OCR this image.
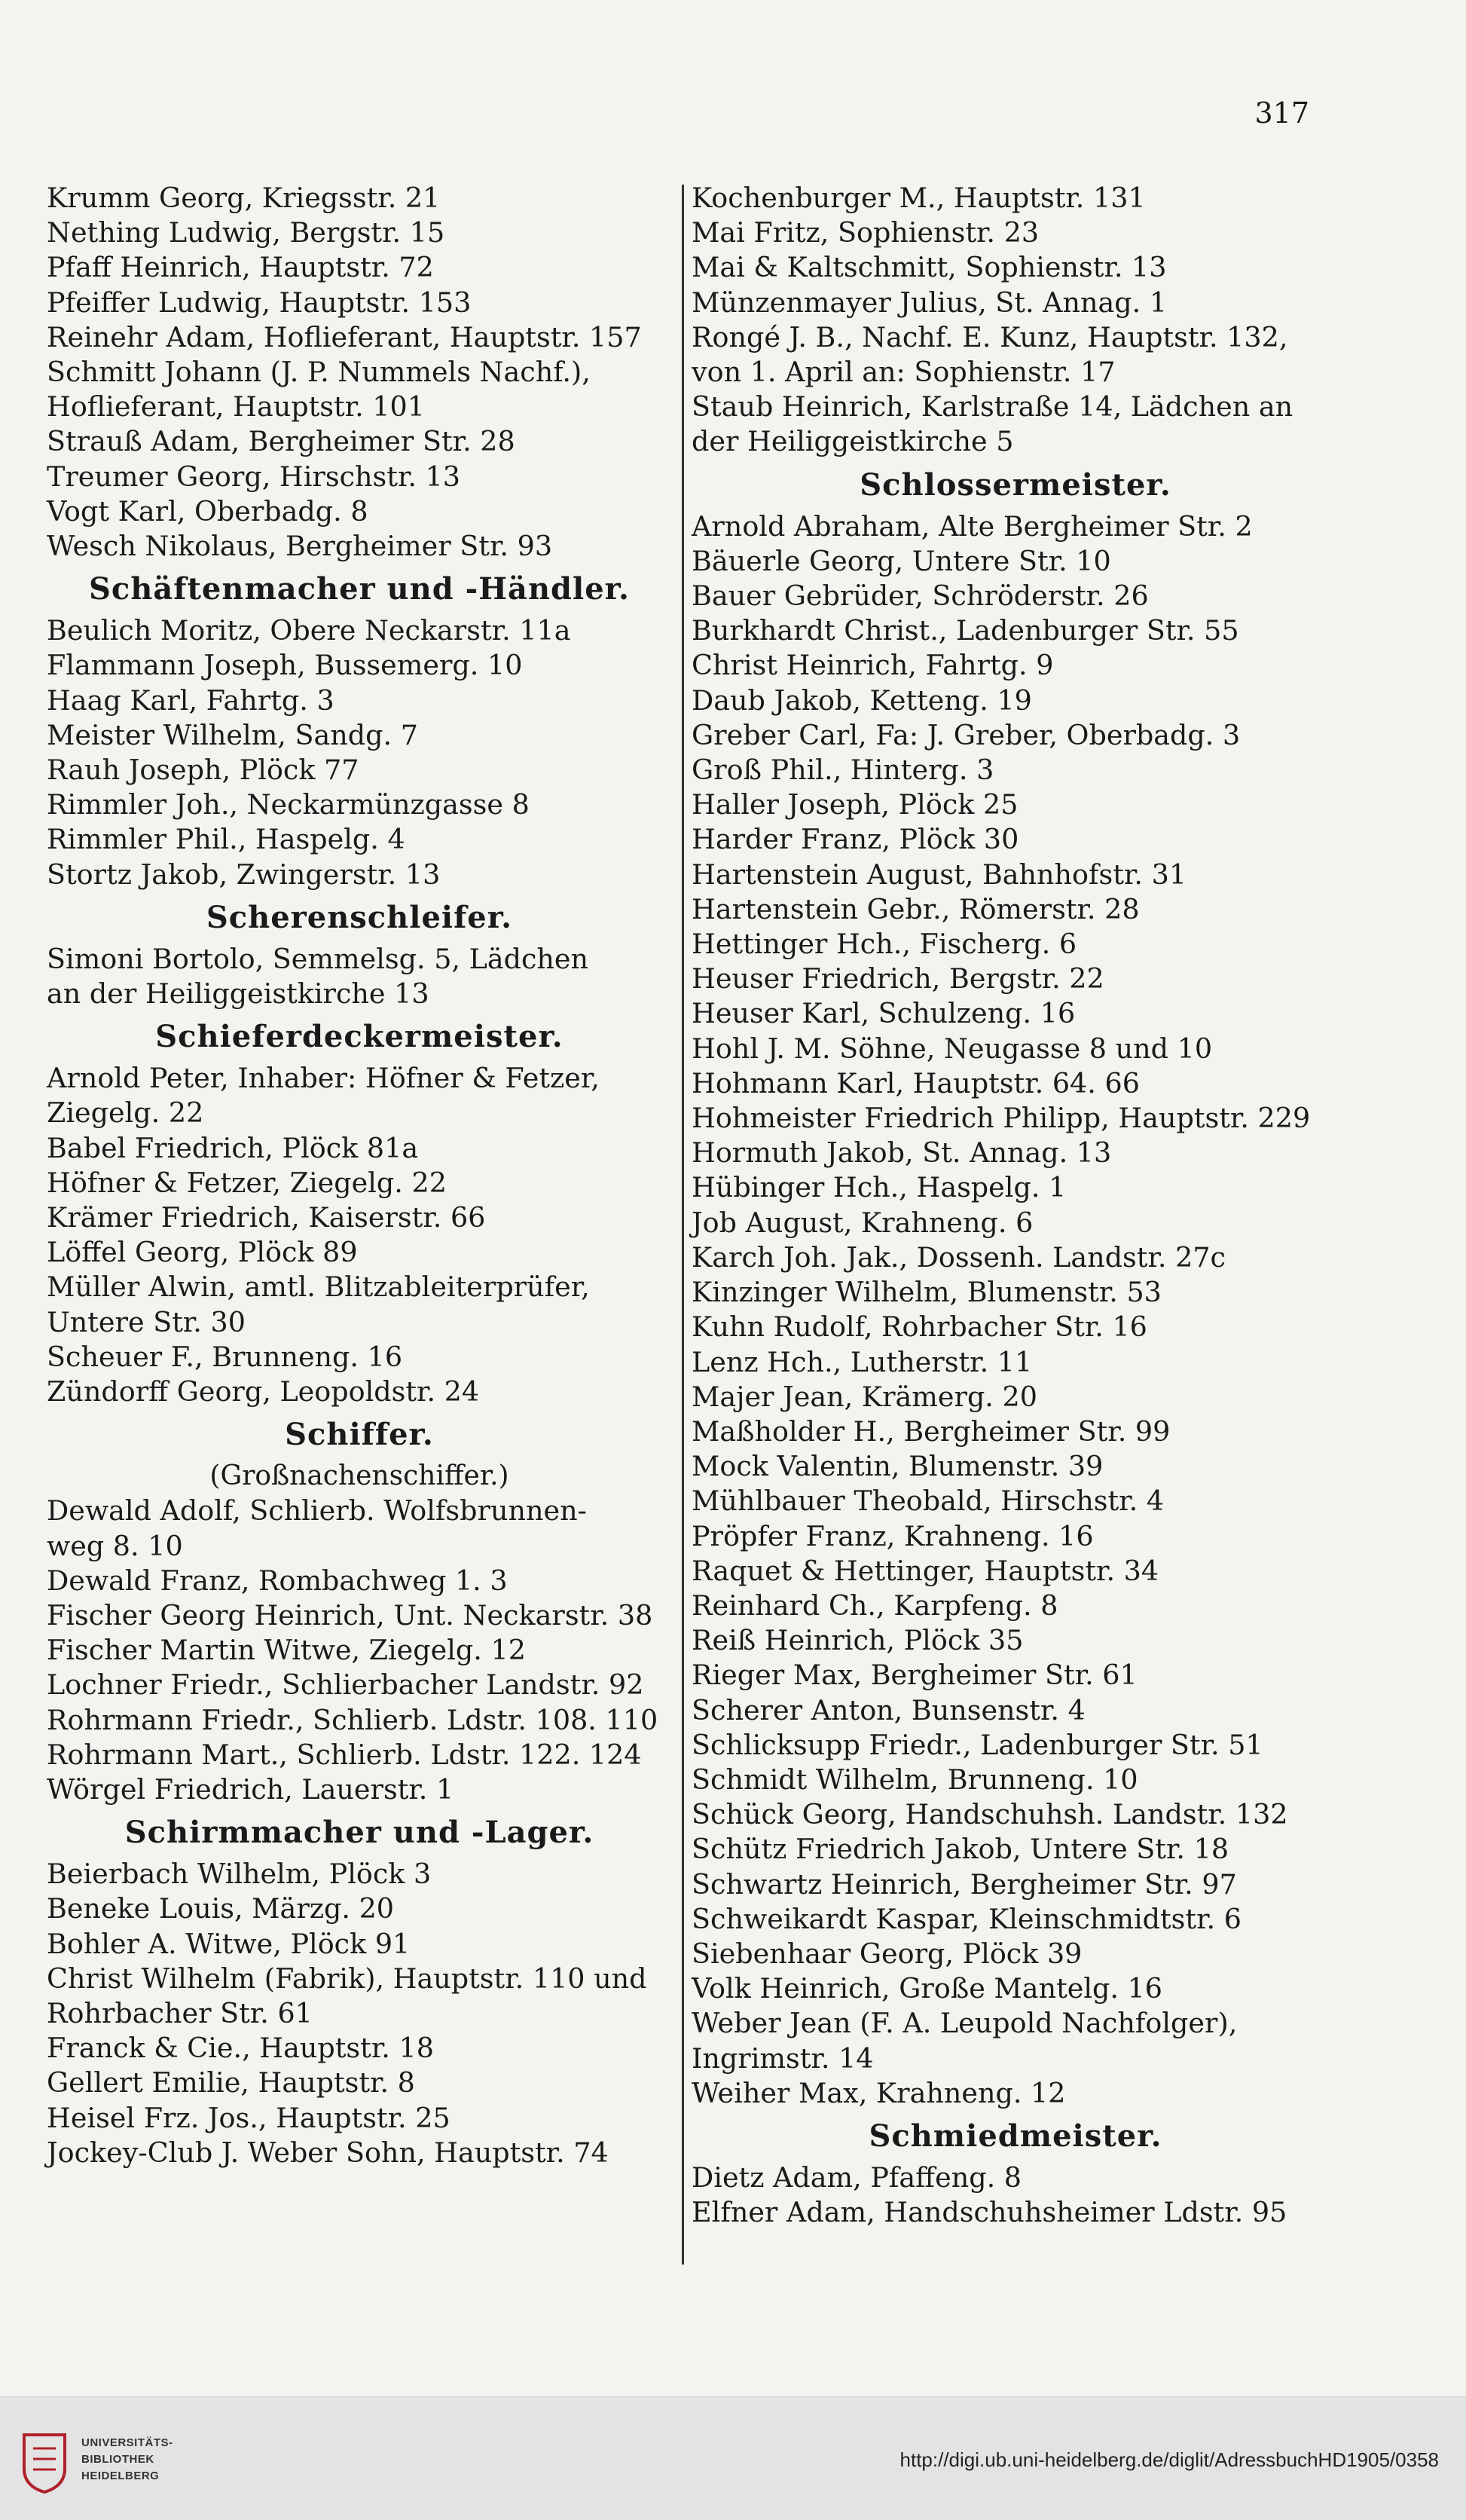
317
Krumm Georg, Kriegsstr. 21
Nething Ludwig, Bergstr. 15
Pfaff Heinrich, Hauptstr. 72
Pfeiffer Ludwig, Hauptstr. 153
Reinehr Adam, Hoflieferant, Hauptstr. 157
Schmitt Johann (J. P. Nummels Nachf.),
Hoflieferant, Hauptstr. 101
Strauß Adam, Bergheimer Str. 28
Treumer Georg, Hirschstr. 13
Vogt Karl, Oberbadg. 8
Wesch Nikolaus, Bergheimer Str. 93
Schäftenmacher und -Händler.
Beulich Moritz, Obere Neckarstr. 11a
Flammann Joseph, Bussemerg. 10
Haag Karl, Fahrtg. 3
Meister Wilhelm, Sandg. 7
Rauh Joseph, Plöck 77
Rimmler Joh., Neckarmünzgasse 8
Rimmler Phil., Haspelg. 4
Stortz Jakob, Zwingerstr. 13
Scherenschleifer.
Simoni Bortolo, Semmelsg. 5, Lädchen
an der Heiliggeistkirche 13
Schieferdeckermeister.
Arnold Peter, Inhaber: Höfner & Fetzer,
Ziegelg. 22
Babel Friedrich, Plöck 81a
Höfner & Fetzer, Ziegelg. 22
Krämer Friedrich, Kaiserstr. 66
Löffel Georg, Plöck 89
Müller Alwin, amtl. Blitzableiterprüfer,
Untere Str. 30
Scheuer F., Brunneng. 16
Zündorff Georg, Leopoldstr. 24
Schiffer.
(Großnachenschiffer.)
Dewald Adolf, Schlierb. Wolfsbrunnen-
weg 8. 10
Dewald Franz, Rombachweg 1. 3
Fischer Georg Heinrich, Unt. Neckarstr. 38
Fischer Martin Witwe, Ziegelg. 12
Lochner Friedr., Schlierbacher Landstr. 92
Rohrmann Friedr., Schlierb. Ldstr. 108. 110
Rohrmann Mart., Schlierb. Ldstr. 122. 124
Wörgel Friedrich, Lauerstr. 1
Schirmmacher und -Lager.
Beierbach Wilhelm, Plöck 3
Beneke Louis, Märzg. 20
Bohler A. Witwe, Plöck 91
Christ Wilhelm (Fabrik), Hauptstr. 110 und
Rohrbacher Str. 61
Franck & Cie., Hauptstr. 18
Gellert Emilie, Hauptstr. 8
Heisel Frz. Jos., Hauptstr. 25
Jockey-Club J. Weber Sohn, Hauptstr. 74
Kochenburger M., Hauptstr. 131
Mai Fritz, Sophienstr. 23
Mai & Kaltschmitt, Sophienstr. 13
Münzenmayer Julius, St. Annag. 1
Rongé J. B., Nachf. E. Kunz, Hauptstr. 132,
von 1. April an: Sophienstr. 17
Staub Heinrich, Karlstraße 14, Lädchen an
der Heiliggeistkirche 5
Schlossermeister.
Arnold Abraham, Alte Bergheimer Str. 2
Bäuerle Georg, Untere Str. 10
Bauer Gebrüder, Schröderstr. 26
Burkhardt Christ., Ladenburger Str. 55
Christ Heinrich, Fahrtg. 9
Daub Jakob, Ketteng. 19
Greber Carl, Fa: J. Greber, Oberbadg. 3
Groß Phil., Hinterg. 3
Haller Joseph, Plöck 25
Harder Franz, Plöck 30
Hartenstein August, Bahnhofstr. 31
Hartenstein Gebr., Römerstr. 28
Hettinger Hch., Fischerg. 6
Heuser Friedrich, Bergstr. 22
Heuser Karl, Schulzeng. 16
Hohl J. M. Söhne, Neugasse 8 und 10
Hohmann Karl, Hauptstr. 64. 66
Hohmeister Friedrich Philipp, Hauptstr. 229
Hormuth Jakob, St. Annag. 13
Hübinger Hch., Haspelg. 1
Job August, Krahneng. 6
Karch Joh. Jak., Dossenh. Landstr. 27c
Kinzinger Wilhelm, Blumenstr. 53
Kuhn Rudolf, Rohrbacher Str. 16
Lenz Hch., Lutherstr. 11
Majer Jean, Krämerg. 20
Maßholder H., Bergheimer Str. 99
Mock Valentin, Blumenstr. 39
Mühlbauer Theobald, Hirschstr. 4
Pröpfer Franz, Krahneng. 16
Raquet & Hettinger, Hauptstr. 34
Reinhard Ch., Karpfeng. 8
Reiß Heinrich, Plöck 35
Rieger Max, Bergheimer Str. 61
Scherer Anton, Bunsenstr. 4
Schlicksupp Friedr., Ladenburger Str. 51
Schmidt Wilhelm, Brunneng. 10
Schück Georg, Handschuhsh. Landstr. 132
Schütz Friedrich Jakob, Untere Str. 18
Schwartz Heinrich, Bergheimer Str. 97
Schweikardt Kaspar, Kleinschmidtstr. 6
Siebenhaar Georg, Plöck 39
Volk Heinrich, Große Mantelg. 16
Weber Jean (F. A. Leupold Nachfolger),
Ingrimstr. 14
Weiher Max, Krahneng. 12
Schmiedmeister.
Dietz Adam, Pfaffeng. 8
Elfner Adam, Handschuhsheimer Ldstr. 95
UNIVERSITÄTS-
BIBLIOTHEK
HEIDELBERG
http://digi.ub.uni-heidelberg.de/diglit/AdressbuchHD1905/0358
